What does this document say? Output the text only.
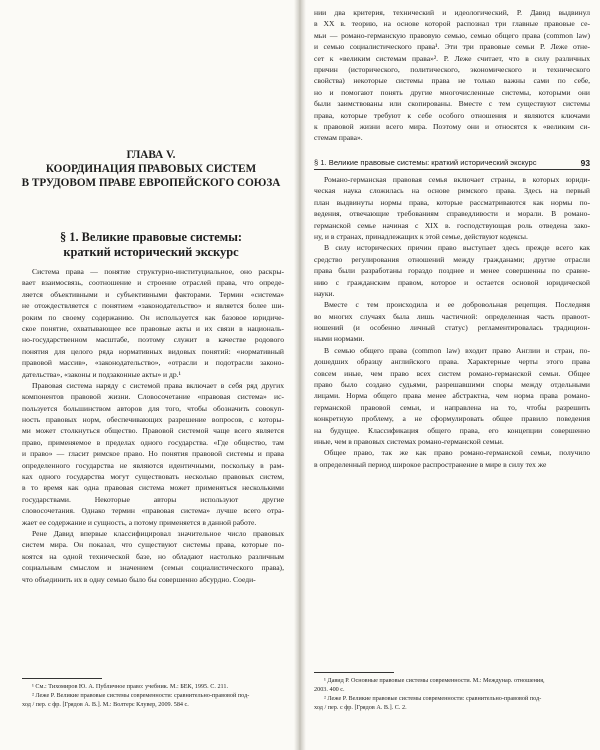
ГЛАВА V.
КООРДИНАЦИЯ ПРАВОВЫХ СИСТЕМ
В ТРУДОВОМ ПРАВЕ ЕВРОПЕЙСКОГО СОЮЗА
§ 1. Великие правовые системы:
краткий исторический экскурс
Система права — понятие структурно-институциальное, оно раскры-
вает взаимосвязь, соотношение и строение отраслей права, что опреде-
ляется объективными и субъективными факторами. Термин «система»
не отождествляется с понятием «законодательство» и является более ши-
роким по своему содержанию. Он используется как базовое юридиче-
ское понятие, охватывающее все правовые акты и их связи в националь-
но-государственном масштабе, поэтому служит в качестве родового
понятия для целого ряда нормативных видовых понятий: «нормативный
правовой массив», «законодательство», «отрасли и подотрасли законо-
дательства», «законы и подзаконные акты» и др.¹
Правовая система наряду с системой права включает в себя ряд других
компонентов правовой жизни. Словосочетание «правовая система» ис-
пользуется большинством авторов для того, чтобы обозначить совокуп-
ность правовых норм, обеспечивающих разрешение вопросов, с которы-
ми может столкнуться общество. Правовой системой чаще всего является
право, применяемое в пределах одного государства. «Где общество, там
и право» — гласит римское право. Но понятия правовой системы и права
определенного государства не являются идентичными, поскольку в рам-
ках одного государства могут существовать несколько правовых систем,
в то время как одна правовая система может применяться несколькими
государствами. Некоторые авторы используют другие
словосочетания. Однако термин «правовая система» лучше всего отра-
жает ее содержание и сущность, а потому применяется в данной работе.
Рене Давид впервые классифицировал значительное число правовых
систем мира. Он показал, что существуют системы права, которые по-
коятся на одной технической базе, но обладают настолько различным
социальным смыслом и значением (семьи социалистического права),
что объединить их в одну семью было бы совершенно абсурдно. Соеди-
¹ См.: Тихомиров Ю. А. Публичное право: учебник. М.: БЕК, 1995. С. 211.
² Леже Р. Великие правовые системы современности: сравнительно-правовой под-
ход / пер. с фр. [Грядов А. В.]. М.: Волтерс Клувер, 2009. 584 с.
нии два критерия, технический и идеологический, Р. Давид выдвинул
в XX в. теорию, на основе которой распознал три главные правовые се-
мьи — романо-германскую правовую семью, семью общего права (common law)
и семью социалистического права¹. Эти три правовые семьи Р. Леже отне-
сет к «великим системам права»². Р. Леже считает, что в силу различных
причин (исторического, политического, экономического и технического
свойства) некоторые системы права не только важны сами по себе,
но и помогают понять другие многочисленные системы, которыми они
были заимствованы или скопированы. Вместе с тем существуют системы
права, которые требуют к себе особого отношения и являются ключами
к правовой жизни всего мира. Поэтому они и относятся к «великим си-
стемам права».
§ 1. Великие правовые системы: краткий исторический экскурс	93
Романо-германская правовая семья включает страны, в которых юриди-
ческая наука сложилась на основе римского права. Здесь на первый
план выдвинуты нормы права, которые рассматриваются как нормы по-
ведения, отвечающие требованиям справедливости и морали. В романо-
германской семье начиная с XIX в. господствующая роль отведена зако-
ну, и в странах, принадлежащих к этой семье, действуют кодексы.
В силу исторических причин право выступает здесь прежде всего как
средство регулирования отношений между гражданами; другие отрасли
права были разработаны гораздо позднее и менее совершенны по сравне-
нию с гражданским правом, которое и остается основой юридической
науки.
Вместе с тем происходила и ее добровольная рецепция. Последняя
во многих случаях была лишь частичной: определенная часть правоот-
ношений (и особенно личный статус) регламентировалась традицион-
ными нормами.
В семью общего права (common law) входит право Англии и стран, по-
дошедших образцу английского права. Характерные черты этого права
совсем иные, чем право всех систем романо-германской семьи. Общее
право было создано судьями, разрешавшими споры между отдельными
лицами. Норма общего права менее абстрактна, чем норма права романо-
германской правовой семьи, и направлена на то, чтобы разрешить
конкретную проблему, а не сформулировать общее правило поведения
на будущее. Классификация общего права, его концепции совершенно
иные, чем в правовых системах романо-германской семьи.
Общее право, так же как право романо-германской семьи, получило
в определенный период широкое распространение в мире в силу тех же
¹ Давид Р. Основные правовые системы современности. М.: Междунар. отношения,
2003. 400 с.
² Леже Р. Великие правовые системы современности: сравнительно-правовой под-
ход / пер. с фр. [Грядов А. В.]. С. 2.
